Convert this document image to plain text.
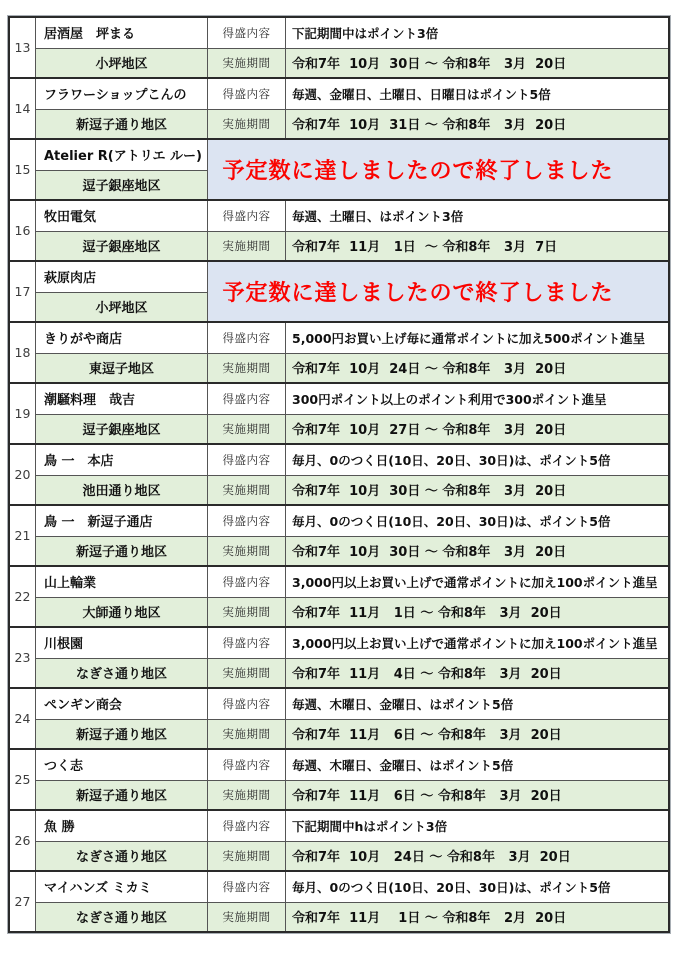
13
居酒屋　坪まる
小坪地区
得盛内容	下記期間中はポイント3倍
実施期間	令和7年  10月  30日 ～ 令和8年   3月  20日
14
フラワーショップこんの
新逗子通り地区
得盛内容	毎週、金曜日、土曜日、日曜日はポイント5倍
実施期間	令和7年  10月  31日 ～ 令和8年   3月  20日
15
Atelier R(アトリエ ルー)
逗子銀座地区
予定数に達しましたので終了しました
16
牧田電気
逗子銀座地区
得盛内容	毎週、土曜日、はポイント3倍
実施期間	令和7年  11月   1日  ～ 令和8年   3月  7日
17
萩原肉店
小坪地区
予定数に達しましたので終了しました
18
きりがや商店
東逗子地区
得盛内容	5,000円お買い上げ毎に通常ポイントに加え500ポイント進呈
実施期間	令和7年  10月  24日 ～ 令和8年   3月  20日
19
潮騒料理　哉吉
逗子銀座地区
得盛内容	300円ポイント以上のポイント利用で300ポイント進呈
実施期間	令和7年  10月  27日 ～ 令和8年   3月  20日
20
鳥 一　本店
池田通り地区
得盛内容	毎月、0のつく日(10日、20日、30日)は、ポイント5倍
実施期間	令和7年  10月  30日 ～ 令和8年   3月  20日
21
鳥 一　新逗子通店
新逗子通り地区
得盛内容	毎月、0のつく日(10日、20日、30日)は、ポイント5倍
実施期間	令和7年  10月  30日 ～ 令和8年   3月  20日
22
山上輪業
大師通り地区
得盛内容	3,000円以上お買い上げで通常ポイントに加え100ポイント進呈
実施期間	令和7年  11月   1日 ～ 令和8年   3月  20日
23
川根園
なぎさ通り地区
得盛内容	3,000円以上お買い上げで通常ポイントに加え100ポイント進呈
実施期間	令和7年  11月   4日 ～ 令和8年   3月  20日
24
ペンギン商会
新逗子通り地区
得盛内容	毎週、木曜日、金曜日、はポイント5倍
実施期間	令和7年  11月   6日 ～ 令和8年   3月  20日
25
つく志
新逗子通り地区
得盛内容	毎週、木曜日、金曜日、はポイント5倍
実施期間	令和7年  11月   6日 ～ 令和8年   3月  20日
26
魚 勝
なぎさ通り地区
得盛内容	下記期間中hはポイント3倍
実施期間	令和7年  10月   24日 ～ 令和8年   3月  20日
27
マイハンズ ミカミ
なぎさ通り地区
得盛内容	毎月、0のつく日(10日、20日、30日)は、ポイント5倍
実施期間	令和7年  11月    1日 ～ 令和8年   2月  20日
